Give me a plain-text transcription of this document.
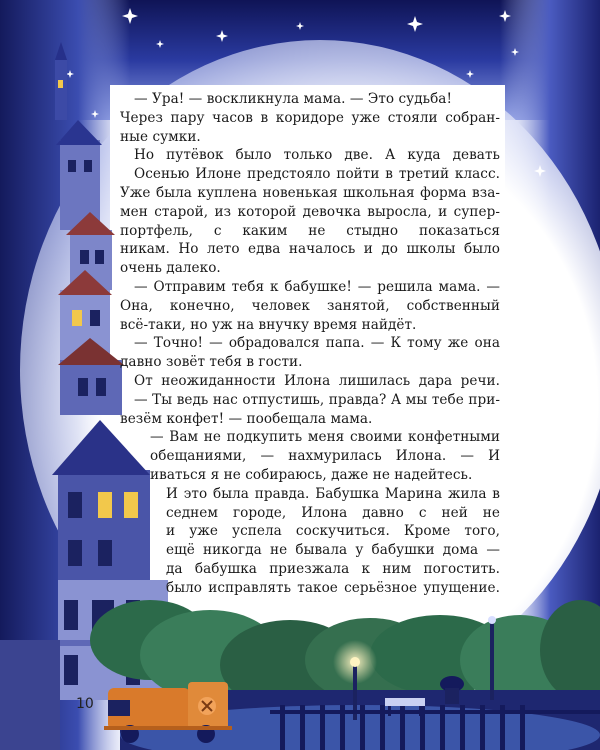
— Ура! — воскликнула мама. — Это судьба!
Через пару часов в коридоре уже стояли собран-
ные сумки.
Но путёвок было только две. А куда девать
Осенью Илоне предстояло пойти в третий класс.
Уже была куплена новенькая школьная форма вза-
мен старой, из которой девочка выросла, и супер-
портфель, с каким не стыдно показаться
никам. Но лето едва началось и до школы было
очень далеко.
— Отправим тебя к бабушке! — решила мама. —
Она, конечно, человек занятой, собственный
всё-таки, но уж на внучку время найдёт.
— Точно! — обрадовался папа. — К тому же она
давно зовёт тебя в гости.
От неожиданности Илона лишилась дара речи.
— Ты ведь нас отпустишь, правда? А мы тебе при-
везём конфет! — пообещала мама.
— Вам не подкупить меня своими конфетными
обещаниями, — нахмурилась Илона. — И
иваться я не собираюсь, даже не надейтесь.
И это была правда. Бабушка Марина жила в
седнем городе, Илона давно с ней не
и уже успела соскучиться. Кроме того,
ещё никогда не бывала у бабушки дома —
да бабушка приезжала к ним погостить.
было исправлять такое серьёзное упущение.
10
